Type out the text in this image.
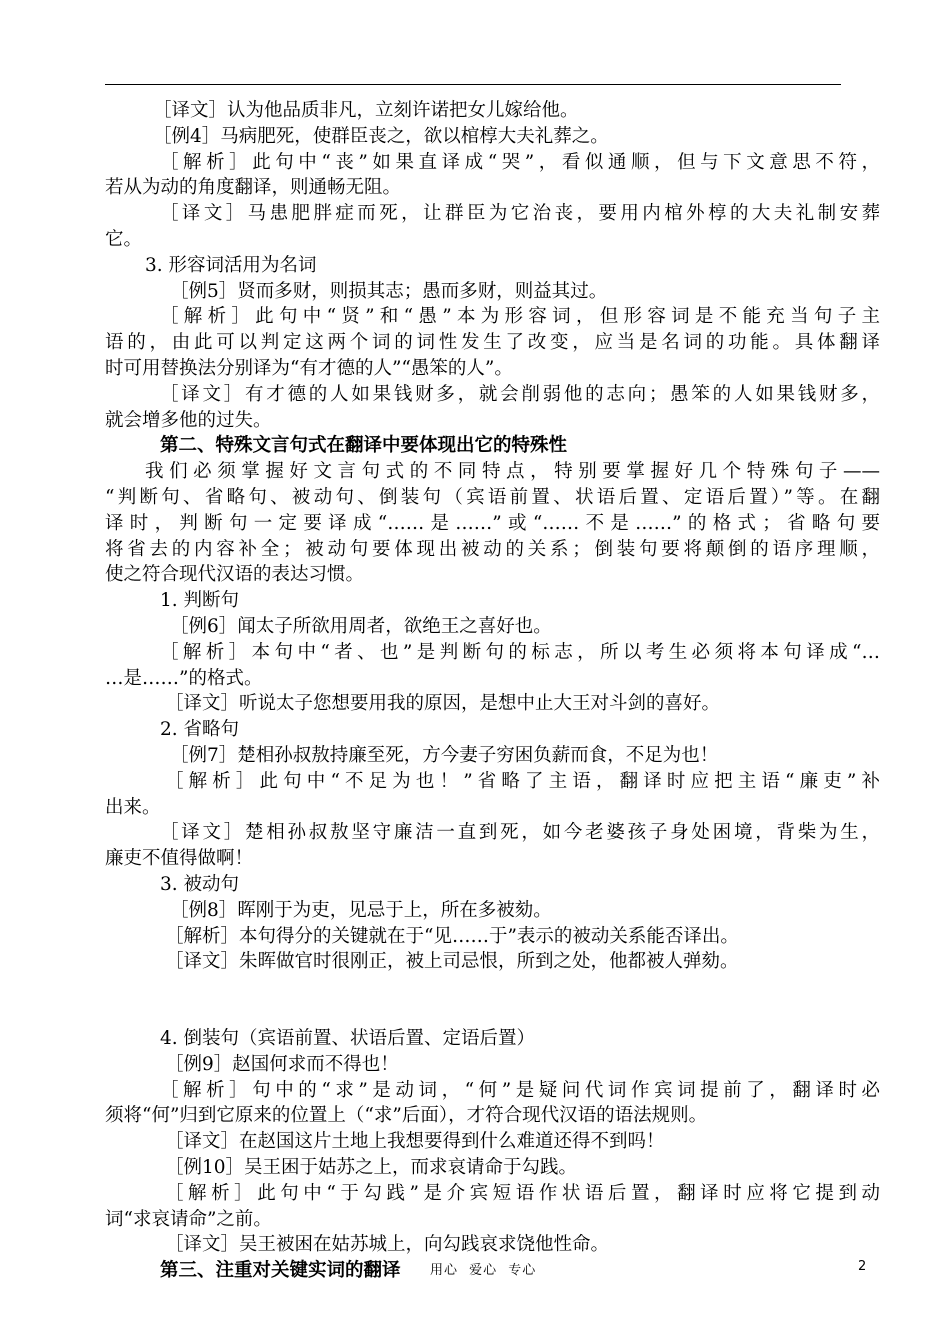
［译文］认为他品质非凡，立刻许诺把女儿嫁给他。
［例4］马病肥死，使群臣丧之，欲以棺椁大夫礼葬之。
［解析］此句中“丧”如果直译成“哭”，看似通顺，但与下文意思不符，
若从为动的角度翻译，则通畅无阻。
［译文］马患肥胖症而死，让群臣为它治丧，要用内棺外椁的大夫礼制安葬
它。
3. 形容词活用为名词
［例5］贤而多财，则损其志；愚而多财，则益其过。
［解析］此句中“贤”和“愚”本为形容词，但形容词是不能充当句子主
语的，由此可以判定这两个词的词性发生了改变，应当是名词的功能。具体翻译
时可用替换法分别译为“有才德的人”“愚笨的人”。
［译文］有才德的人如果钱财多，就会削弱他的志向；愚笨的人如果钱财多，
就会增多他的过失。
第二、特殊文言句式在翻译中要体现出它的特殊性
我们必须掌握好文言句式的不同特点，特别要掌握好几个特殊句子——
“判断句、省略句、被动句、倒装句（宾语前置、状语后置、定语后置）”等。在翻
译时，判断句一定要译成“……是……”或“……不是……”的格式；省略句要
将省去的内容补全；被动句要体现出被动的关系；倒装句要将颠倒的语序理顺，
使之符合现代汉语的表达习惯。
1. 判断句
［例6］闻太子所欲用周者，欲绝王之喜好也。
［解析］本句中“者、也”是判断句的标志，所以考生必须将本句译成“…
…是……”的格式。
［译文］听说太子您想要用我的原因，是想中止大王对斗剑的喜好。
2. 省略句
［例7］楚相孙叔敖持廉至死，方今妻子穷困负薪而食，不足为也！
［解析］此句中“不足为也！”省略了主语，翻译时应把主语“廉吏”补
出来。
［译文］楚相孙叔敖坚守廉洁一直到死，如今老婆孩子身处困境，背柴为生，
廉吏不值得做啊！
3. 被动句
［例8］晖刚于为吏，见忌于上，所在多被劾。
［解析］本句得分的关键就在于“见……于”表示的被动关系能否译出。
［译文］朱晖做官时很刚正，被上司忌恨，所到之处，他都被人弹劾。
4. 倒装句（宾语前置、状语后置、定语后置）
［例9］赵国何求而不得也！
［解析］句中的“求”是动词，“何”是疑问代词作宾词提前了，翻译时必
须将“何”归到它原来的位置上（“求”后面），才符合现代汉语的语法规则。
［译文］在赵国这片土地上我想要得到什么难道还得不到吗！
［例10］吴王困于姑苏之上，而求哀请命于勾践。
［解析］此句中“于勾践”是介宾短语作状语后置，翻译时应将它提到动
词“求哀请命”之前。
［译文］吴王被困在姑苏城上，向勾践哀求饶他性命。
第三、注重对关键实词的翻译	用心 爱心 专心	2
